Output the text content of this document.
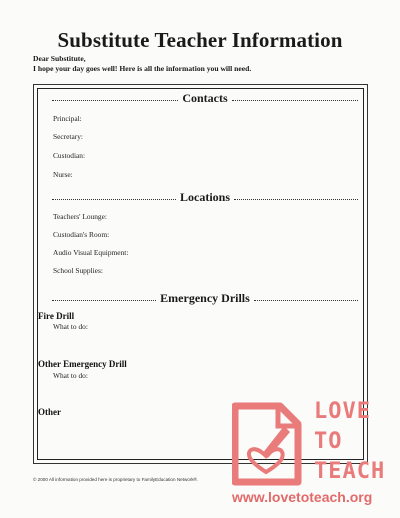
Substitute Teacher Information
Dear Substitute,
I hope your day goes well! Here is all the information you will need.
Contacts
Principal:
Secretary:
Custodian:
Nurse:
Locations
Teachers' Lounge:
Custodian's Room:
Audio Visual Equipment:
School Supplies:
Emergency Drills
Fire Drill
What to do:
Other Emergency Drill
What to do:
Other
© 2000 All information provided here is proprietary to FamilyEducation Network®.
LOVE
TO
TEACH
www.lovetoteach.org
